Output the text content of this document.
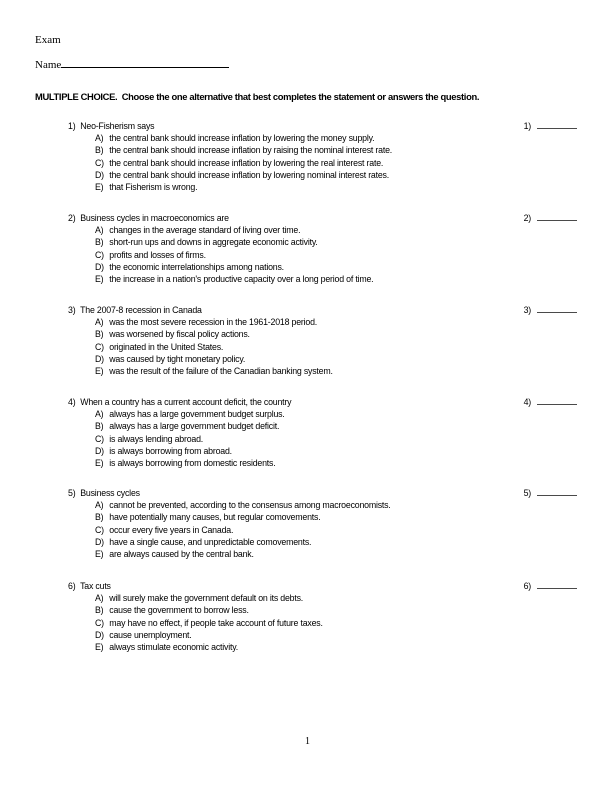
Exam
Name
MULTIPLE CHOICE.  Choose the one alternative that best completes the statement or answers the question.
1) Neo-Fisherism says
A) the central bank should increase inflation by lowering the money supply.
B) the central bank should increase inflation by raising the nominal interest rate.
C) the central bank should increase inflation by lowering the real interest rate.
D) the central bank should increase inflation by lowering nominal interest rates.
E) that Fisherism is wrong.
1)
2) Business cycles in macroeconomics are
A) changes in the average standard of living over time.
B) short-run ups and downs in aggregate economic activity.
C) profits and losses of firms.
D) the economic interrelationships among nations.
E) the increase in a nation's productive capacity over a long period of time.
2)
3) The 2007-8 recession in Canada
A) was the most severe recession in the 1961-2018 period.
B) was worsened by fiscal policy actions.
C) originated in the United States.
D) was caused by tight monetary policy.
E) was the result of the failure of the Canadian banking system.
3)
4) When a country has a current account deficit, the country
A) always has a large government budget surplus.
B) always has a large government budget deficit.
C) is always lending abroad.
D) is always borrowing from abroad.
E) is always borrowing from domestic residents.
4)
5) Business cycles
A) cannot be prevented, according to the consensus among macroeconomists.
B) have potentially many causes, but regular comovements.
C) occur every five years in Canada.
D) have a single cause, and unpredictable comovements.
E) are always caused by the central bank.
5)
6) Tax cuts
A) will surely make the government default on its debts.
B) cause the government to borrow less.
C) may have no effect, if people take account of future taxes.
D) cause unemployment.
E) always stimulate economic activity.
6)
1
